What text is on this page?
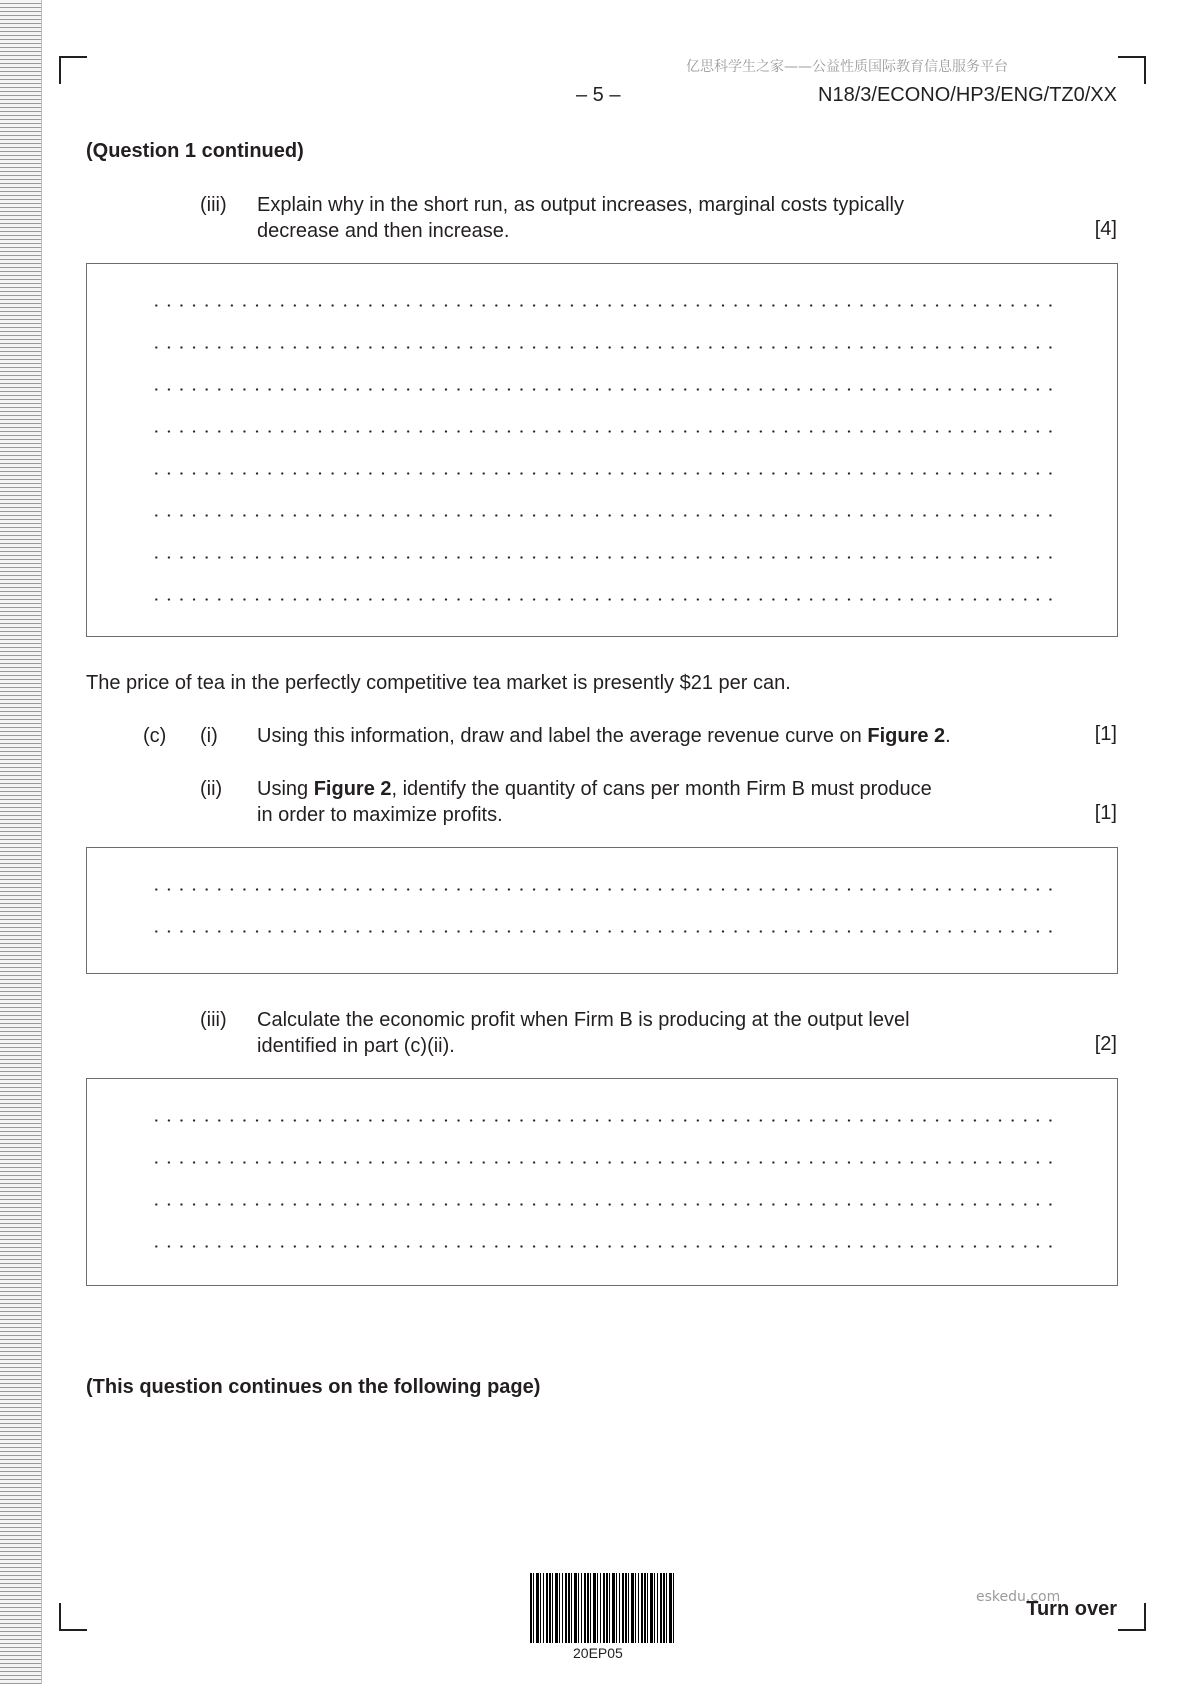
亿思科学生之家——公益性质国际教育信息服务平台
– 5 –	N18/3/ECONO/HP3/ENG/TZ0/XX
(Question 1 continued)
(iii) Explain why in the short run, as output increases, marginal costs typically
decrease and then increase.	[4]
The price of tea in the perfectly competitive tea market is presently $21 per can.
(c) (i) Using this information, draw and label the average revenue curve on Figure 2.	[1]
(ii) Using Figure 2, identify the quantity of cans per month Firm B must produce
in order to maximize profits.	[1]
(iii) Calculate the economic profit when Firm B is producing at the output level
identified in part (c)(ii).	[2]
(This question continues on the following page)
20EP05
eskedu.com
Turn over
